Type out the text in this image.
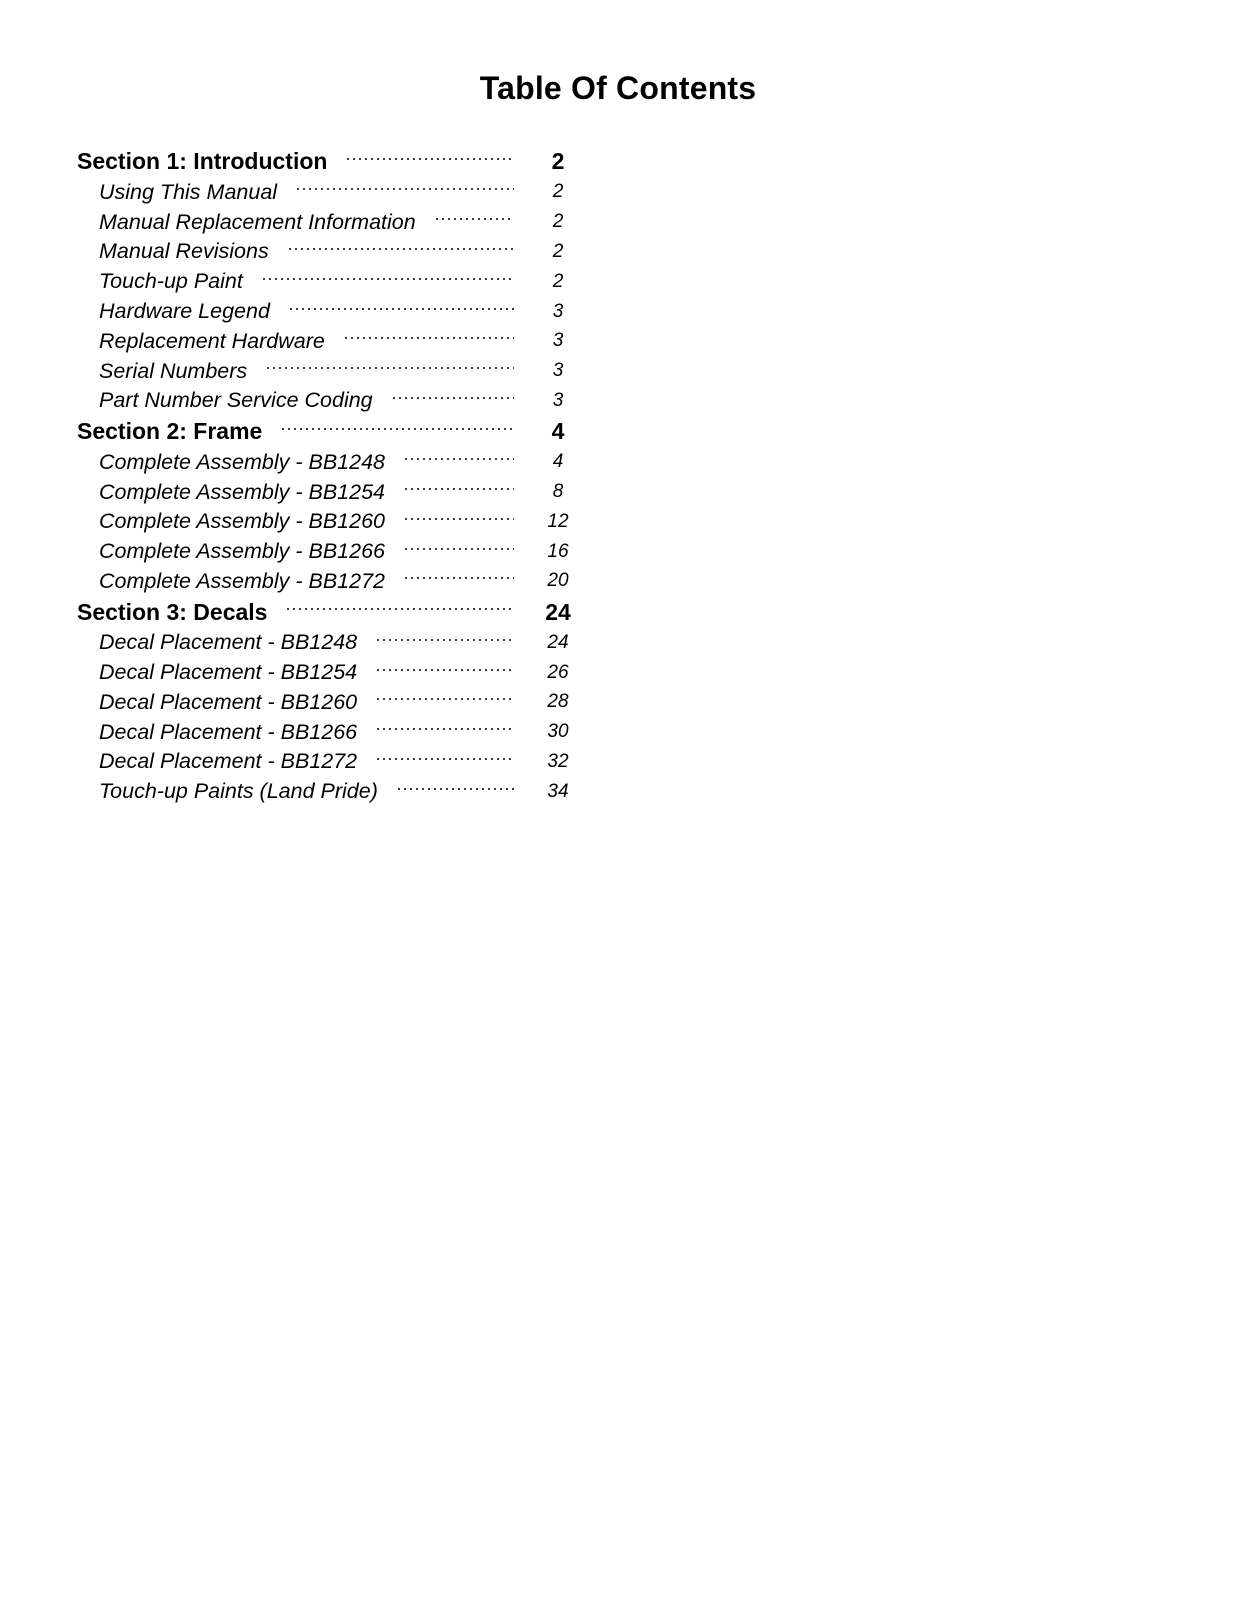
Table Of Contents
Section 1: Introduction	2
Using This Manual	2
Manual Replacement Information	2
Manual Revisions	2
Touch-up Paint	2
Hardware Legend	3
Replacement Hardware	3
Serial Numbers	3
Part Number Service Coding	3
Section 2: Frame	4
Complete Assembly - BB1248	4
Complete Assembly - BB1254	8
Complete Assembly - BB1260	12
Complete Assembly - BB1266	16
Complete Assembly - BB1272	20
Section 3: Decals	24
Decal Placement - BB1248	24
Decal Placement - BB1254	26
Decal Placement - BB1260	28
Decal Placement - BB1266	30
Decal Placement - BB1272	32
Touch-up Paints (Land Pride)	34
